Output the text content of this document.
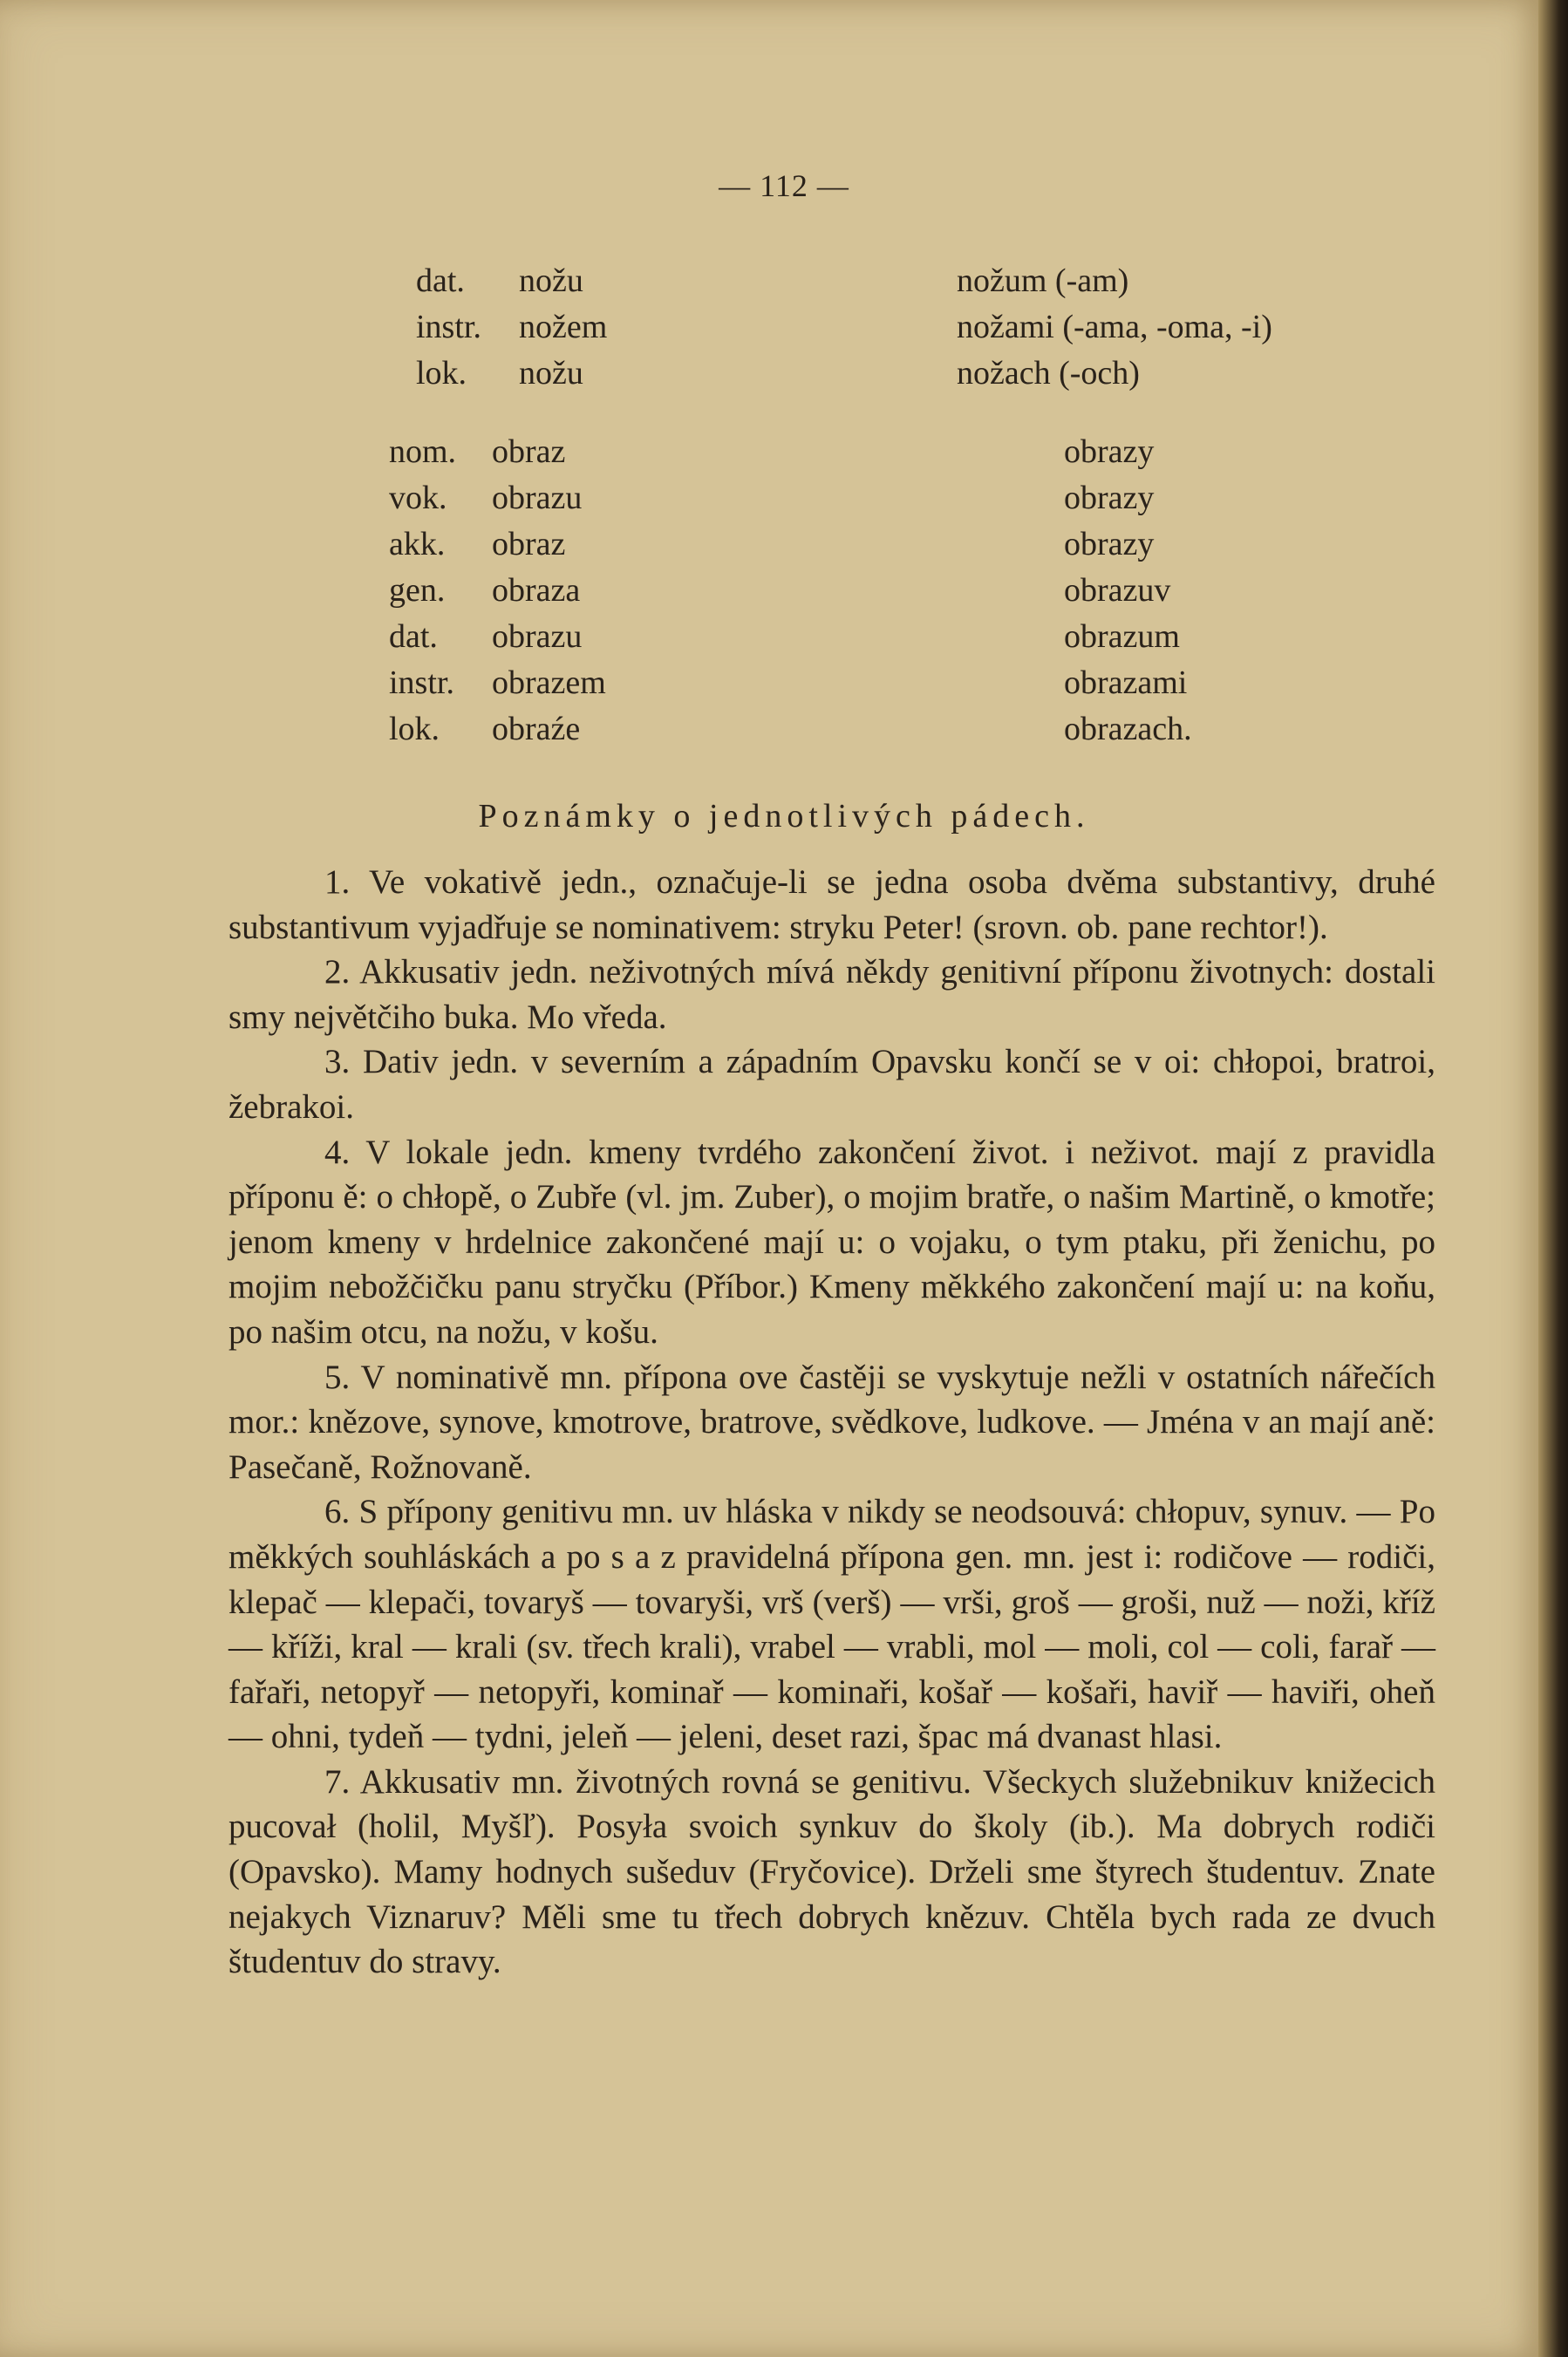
— 112 —
dat. nožu	nožum (-am)
instr. nožem	nožami (-ama, -oma, -i)
lok. nožu	nožach (-och)
nom. obraz	obrazy
vok. obrazu	obrazy
akk. obraz	obrazy
gen. obraza	obrazuv
dat. obrazu	obrazum
instr. obrazem	obrazami
lok. obraźe	obrazach.
Poznámky o jednotlivých pádech.

1. Ve vokativě jedn., označuje-li se jedna osoba dvěma substantivy, druhé substantivum vyjadřuje se nominativem: stryku Peter! (srovn. ob. pane rechtor!).

2. Akkusativ jedn. neživotných mívá někdy genitivní příponu životnych: dostali smy největčiho buka. Mo vředa.

3. Dativ jedn. v severním a západním Opavsku končí se v oi: chłopoi, bratroi, žebrakoi.

4. V lokale jedn. kmeny tvrdého zakončení život. i neživot. mají z pravidla příponu ě: o chłopě, o Zubře (vl. jm. Zuber), o mojim bratře, o našim Martině, o kmotře; jenom kmeny v hrdelnice zakončené mají u: o vojaku, o tym ptaku, při ženichu, po mojim nebožčičku panu stryčku (Příbor.) Kmeny měkkého zakončení mají u: na koňu, po našim otcu, na nožu, v košu.

5. V nominativě mn. přípona ove častěji se vyskytuje nežli v ostatních nářečích mor.: knězove, synove, kmotrove, bratrove, svědkove, ludkove. — Jména v an mají aně: Pasečaně, Rožnovaně.

6. S přípony genitivu mn. uv hláska v nikdy se neodsouvá: chłopuv, synuv. — Po měkkých souhláskách a po s a z pravidelná přípona gen. mn. jest i: rodičove — rodiči, klepač — klepači, tovaryš — tovaryši, vrš (verš) — vrši, groš — groši, nuž — noži, kříž — kříži, kral — krali (sv. třech krali), vrabel — vrabli, mol — moli, col — coli, farař — fařaři, netopyř — netopyři, kominař — kominaři, košař — košaři, haviř — haviři, oheň — ohni, tydeň — tydni, jeleň — jeleni, deset razi, špac má dvanast hlasi.

7. Akkusativ mn. životných rovná se genitivu. Všeckych služebnikuv knižecich pucovał (holil, Myšľ). Posyła svoich synkuv do školy (ib.). Ma dobrych rodiči (Opavsko). Mamy hodnych sušeduv (Fryčovice). Drželi sme štyrech študentuv. Znate nejakych Viznaruv? Měli sme tu třech dobrych knězuv. Chtěla bych rada ze dvuch študentuv do stravy.
